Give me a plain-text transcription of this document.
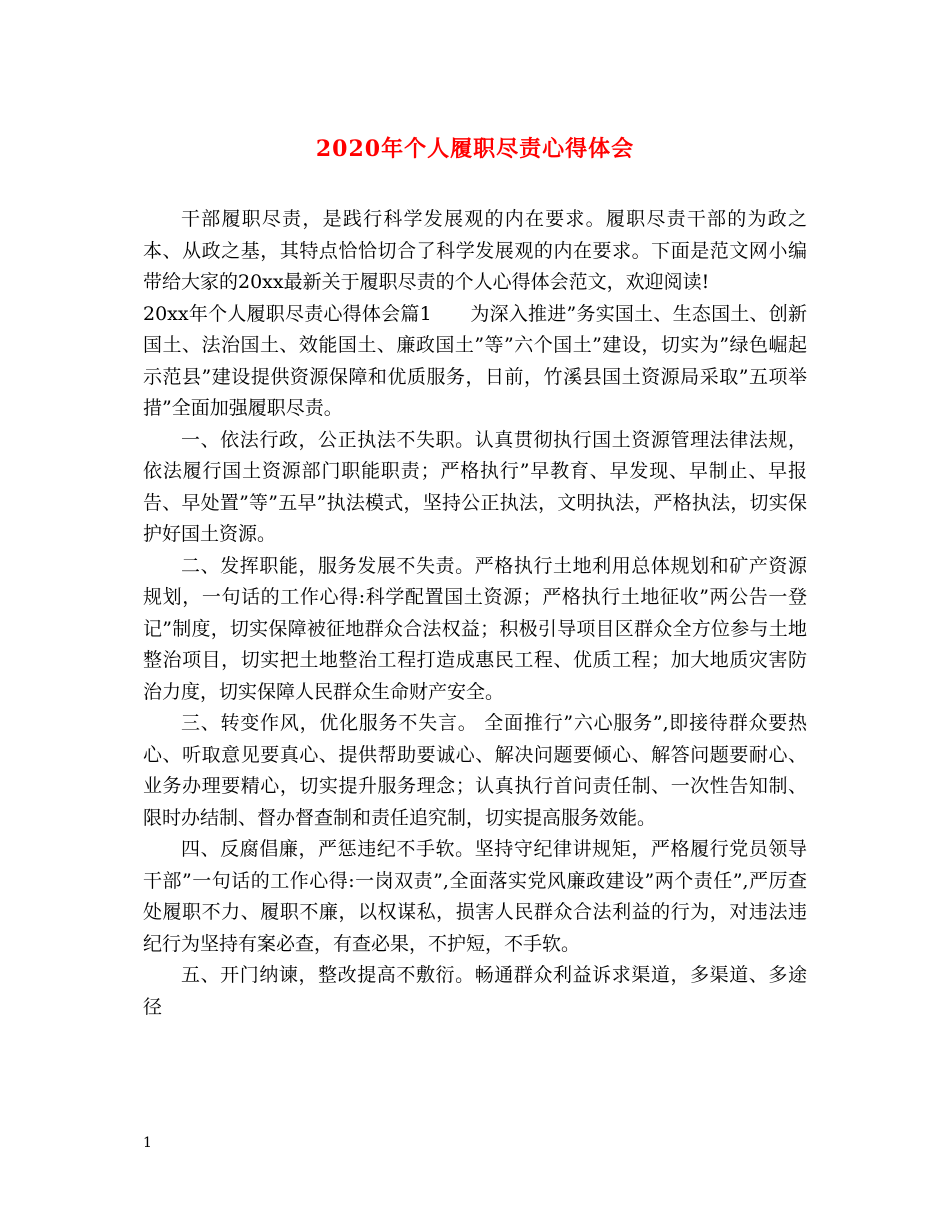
2020年个人履职尽责心得体会

干部履职尽责，是践行科学发展观的内在要求。履职尽责干部的为政之本、从政之基，其特点恰恰切合了科学发展观的内在要求。下面是范文网小编带给大家的20xx最新关于履职尽责的个人心得体会范文，欢迎阅读!

20xx年个人履职尽责心得体会篇1　　为深入推进”务实国土、生态国土、创新国土、法治国土、效能国土、廉政国土”等”六个国土”建设，切实为”绿色崛起示范县”建设提供资源保障和优质服务，日前，竹溪县国土资源局采取”五项举措”全面加强履职尽责。

一、依法行政，公正执法不失职。认真贯彻执行国土资源管理法律法规，依法履行国土资源部门职能职责；严格执行”早教育、早发现、早制止、早报告、早处置”等”五早”执法模式，坚持公正执法，文明执法，严格执法，切实保护好国土资源。

二、发挥职能，服务发展不失责。严格执行土地利用总体规划和矿产资源规划，一句话的工作心得:科学配置国土资源；严格执行土地征收”两公告一登记”制度，切实保障被征地群众合法权益；积极引导项目区群众全方位参与土地整治项目，切实把土地整治工程打造成惠民工程、优质工程；加大地质灾害防治力度，切实保障人民群众生命财产安全。

三、转变作风，优化服务不失言。 全面推行”六心服务”,即接待群众要热心、听取意见要真心、提供帮助要诚心、解决问题要倾心、解答问题要耐心、业务办理要精心，切实提升服务理念；认真执行首问责任制、一次性告知制、限时办结制、督办督查制和责任追究制，切实提高服务效能。

四、反腐倡廉，严惩违纪不手软。坚持守纪律讲规矩，严格履行党员领导干部”一句话的工作心得:一岗双责”,全面落实党风廉政建设”两个责任”,严厉查处履职不力、履职不廉，以权谋私，损害人民群众合法利益的行为，对违法违纪行为坚持有案必查，有查必果，不护短，不手软。

五、开门纳谏，整改提高不敷衍。畅通群众利益诉求渠道，多渠道、多途径

1
